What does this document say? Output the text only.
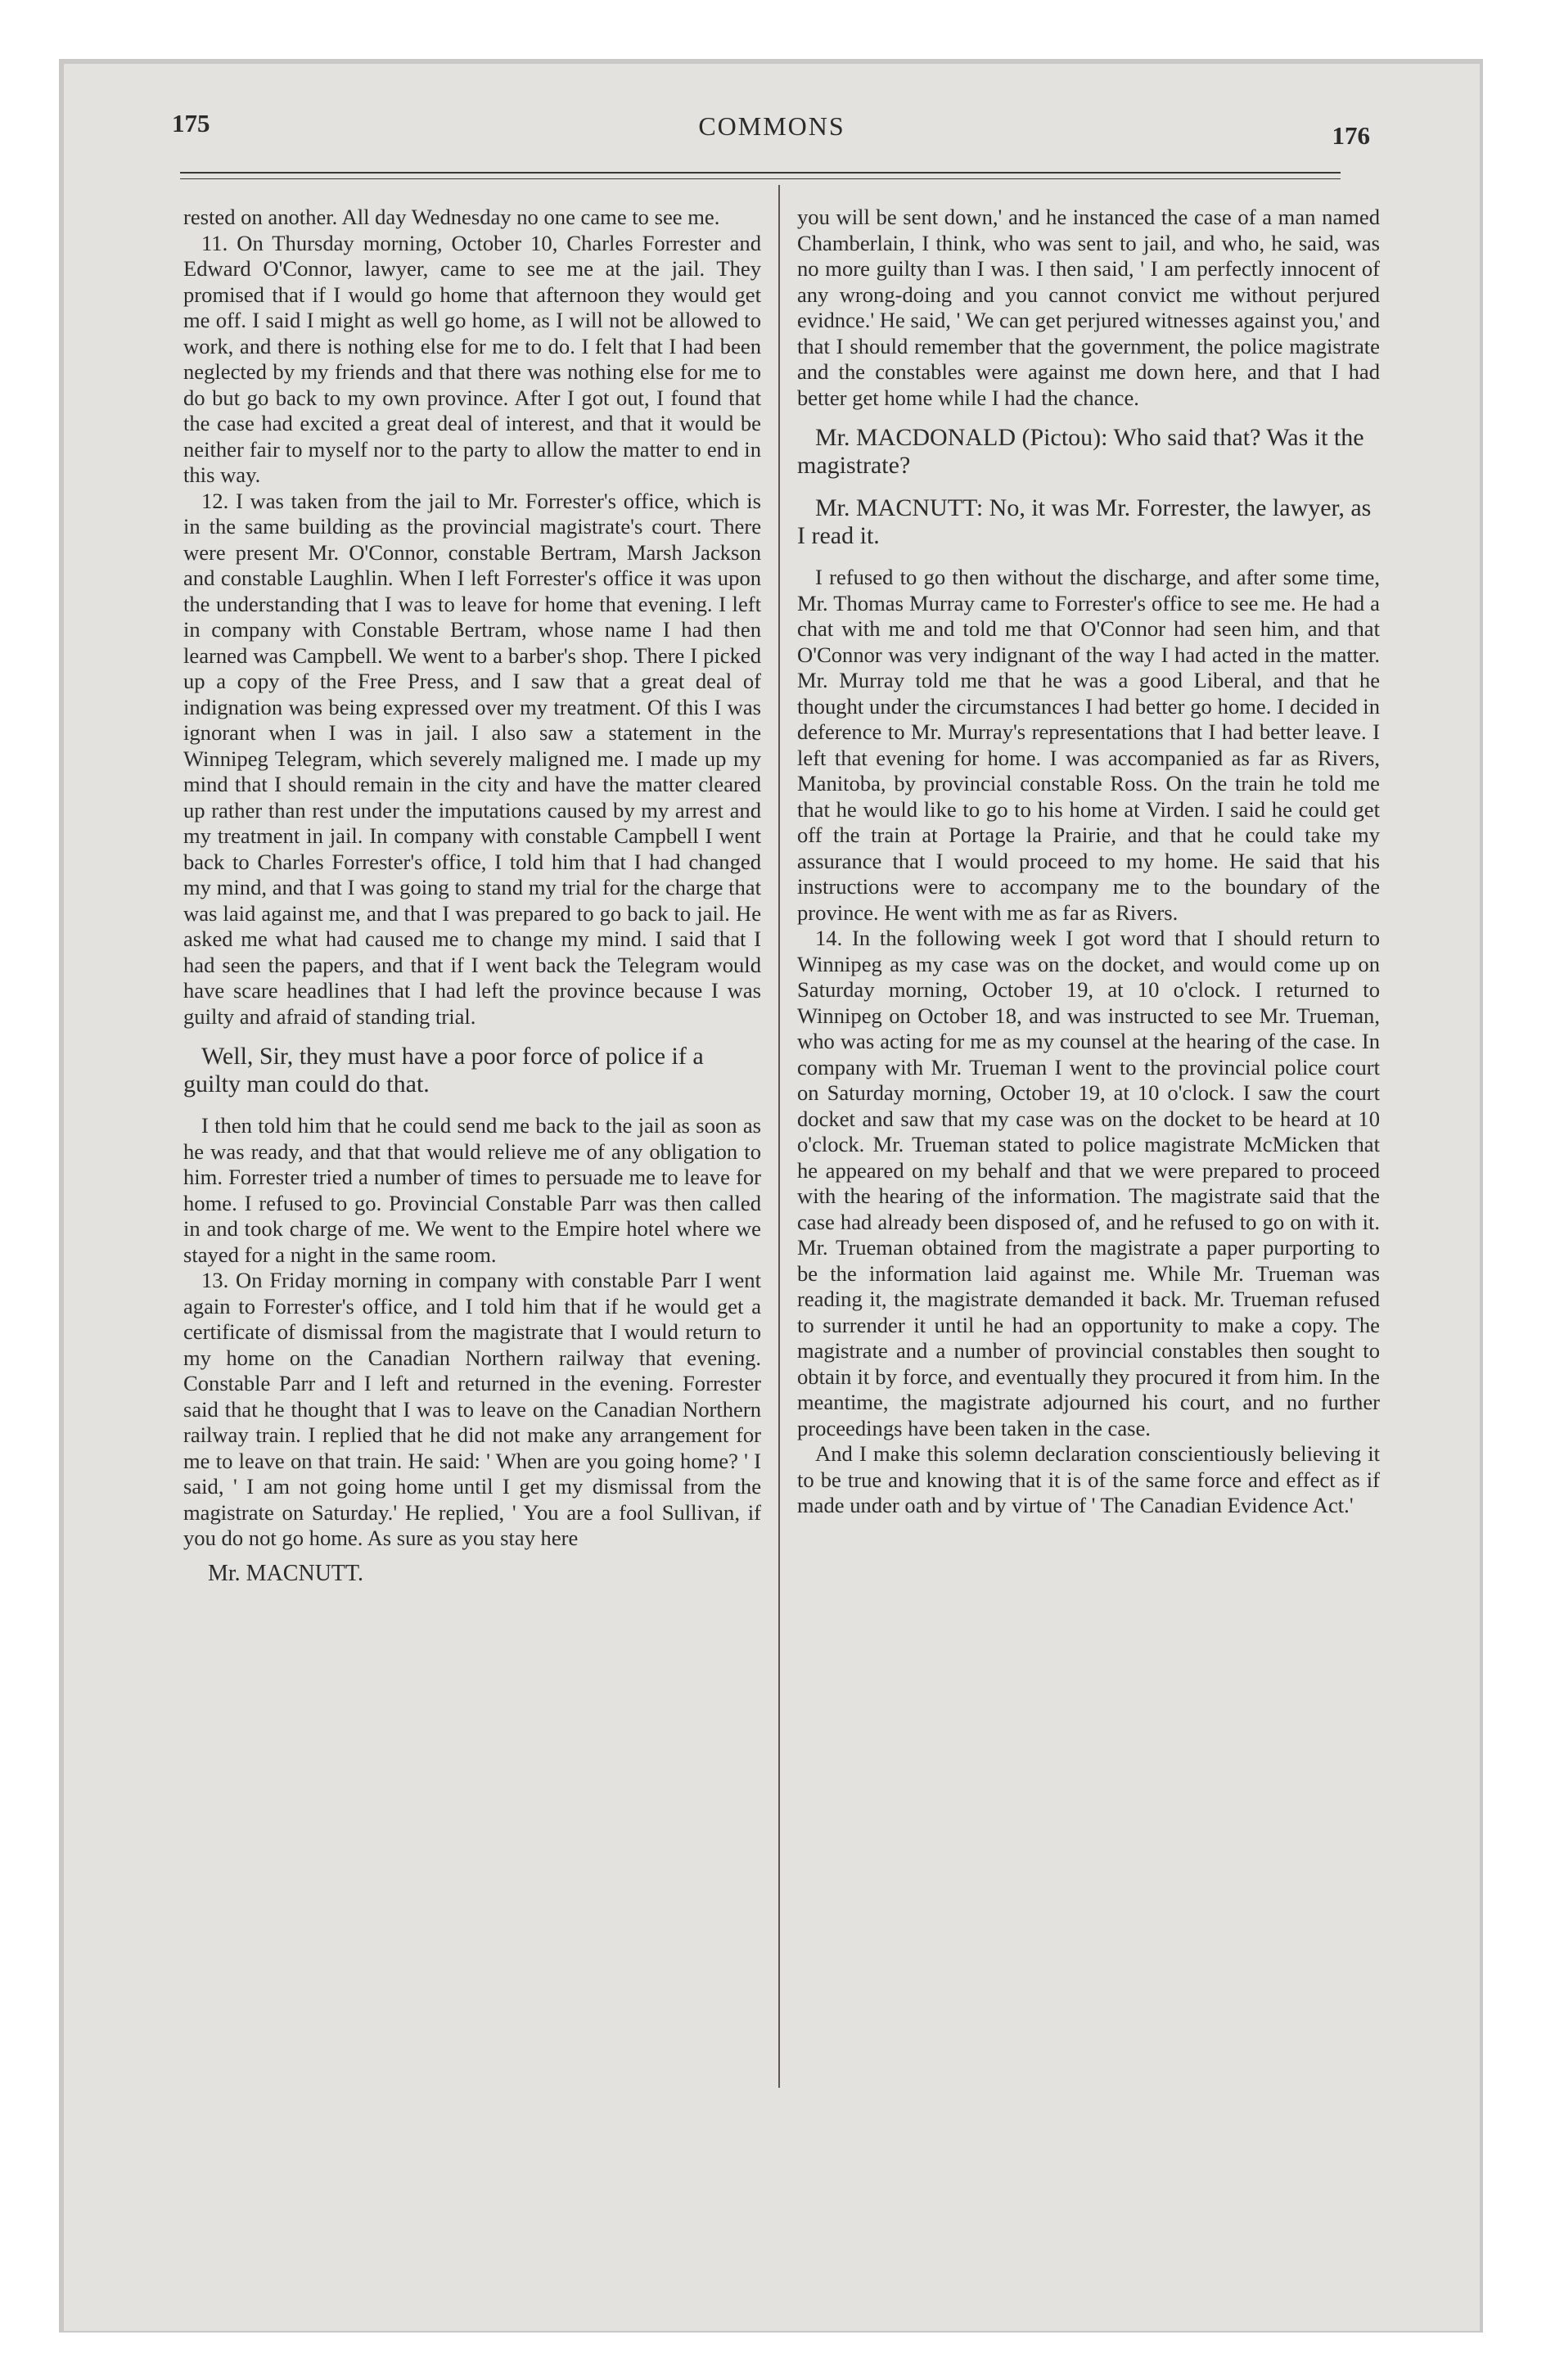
175	COMMONS	176

rested on another. All day Wednesday no one came to see me.

11. On Thursday morning, October 10, Charles Forrester and Edward O'Connor, lawyer, came to see me at the jail. They promised that if I would go home that afternoon they would get me off. I said I might as well go home, as I will not be allowed to work, and there is nothing else for me to do. I felt that I had been neglected by my friends and that there was nothing else for me to do but go back to my own province. After I got out, I found that the case had excited a great deal of interest, and that it would be neither fair to myself nor to the party to allow the matter to end in this way.

12. I was taken from the jail to Mr. Forrester's office, which is in the same building as the provincial magistrate's court. There were present Mr. O'Connor, constable Bertram, Marsh Jackson and constable Laughlin. When I left Forrester's office it was upon the understanding that I was to leave for home that evening. I left in company with Constable Bertram, whose name I had then learned was Campbell. We went to a barber's shop. There I picked up a copy of the Free Press, and I saw that a great deal of indignation was being expressed over my treatment. Of this I was ignorant when I was in jail. I also saw a statement in the Winnipeg Telegram, which severely maligned me. I made up my mind that I should remain in the city and have the matter cleared up rather than rest under the imputations caused by my arrest and my treatment in jail. In company with constable Campbell I went back to Charles Forrester's office, I told him that I had changed my mind, and that I was going to stand my trial for the charge that was laid against me, and that I was prepared to go back to jail. He asked me what had caused me to change my mind. I said that I had seen the papers, and that if I went back the Telegram would have scare headlines that I had left the province because I was guilty and afraid of standing trial.

Well, Sir, they must have a poor force of police if a guilty man could do that.

I then told him that he could send me back to the jail as soon as he was ready, and that that would relieve me of any obligation to him. Forrester tried a number of times to persuade me to leave for home. I refused to go. Provincial Constable Parr was then called in and took charge of me. We went to the Empire hotel where we stayed for a night in the same room.

13. On Friday morning in company with constable Parr I went again to Forrester's office, and I told him that if he would get a certificate of dismissal from the magistrate that I would return to my home on the Canadian Northern railway that evening. Constable Parr and I left and returned in the evening. Forrester said that he thought that I was to leave on the Canadian Northern railway train. I replied that he did not make any arrangement for me to leave on that train. He said: ' When are you going home? ' I said, ' I am not going home until I get my dismissal from the magistrate on Saturday.' He replied, ' You are a fool Sullivan, if you do not go home. As sure as you stay here

Mr. MACNUTT.

you will be sent down,' and he instanced the case of a man named Chamberlain, I think, who was sent to jail, and who, he said, was no more guilty than I was. I then said, ' I am perfectly innocent of any wrong-doing and you cannot convict me without perjured evidnce.' He said, ' We can get perjured witnesses against you,' and that I should remember that the government, the police magistrate and the constables were against me down here, and that I had better get home while I had the chance.

Mr. MACDONALD (Pictou): Who said that? Was it the magistrate?

Mr. MACNUTT: No, it was Mr. Forrester, the lawyer, as I read it.

I refused to go then without the discharge, and after some time, Mr. Thomas Murray came to Forrester's office to see me. He had a chat with me and told me that O'Connor had seen him, and that O'Connor was very indignant of the way I had acted in the matter. Mr. Murray told me that he was a good Liberal, and that he thought under the circumstances I had better go home. I decided in deference to Mr. Murray's representations that I had better leave. I left that evening for home. I was accompanied as far as Rivers, Manitoba, by provincial constable Ross. On the train he told me that he would like to go to his home at Virden. I said he could get off the train at Portage la Prairie, and that he could take my assurance that I would proceed to my home. He said that his instructions were to accompany me to the boundary of the province. He went with me as far as Rivers.

14. In the following week I got word that I should return to Winnipeg as my case was on the docket, and would come up on Saturday morning, October 19, at 10 o'clock. I returned to Winnipeg on October 18, and was instructed to see Mr. Trueman, who was acting for me as my counsel at the hearing of the case. In company with Mr. Trueman I went to the provincial police court on Saturday morning, October 19, at 10 o'clock. I saw the court docket and saw that my case was on the docket to be heard at 10 o'clock. Mr. Trueman stated to police magistrate McMicken that he appeared on my behalf and that we were prepared to proceed with the hearing of the information. The magistrate said that the case had already been disposed of, and he refused to go on with it. Mr. Trueman obtained from the magistrate a paper purporting to be the information laid against me. While Mr. Trueman was reading it, the magistrate demanded it back. Mr. Trueman refused to surrender it until he had an opportunity to make a copy. The magistrate and a number of provincial constables then sought to obtain it by force, and eventually they procured it from him. In the meantime, the magistrate adjourned his court, and no further proceedings have been taken in the case.

And I make this solemn declaration conscientiously believing it to be true and knowing that it is of the same force and effect as if made under oath and by virtue of ' The Canadian Evidence Act.'
